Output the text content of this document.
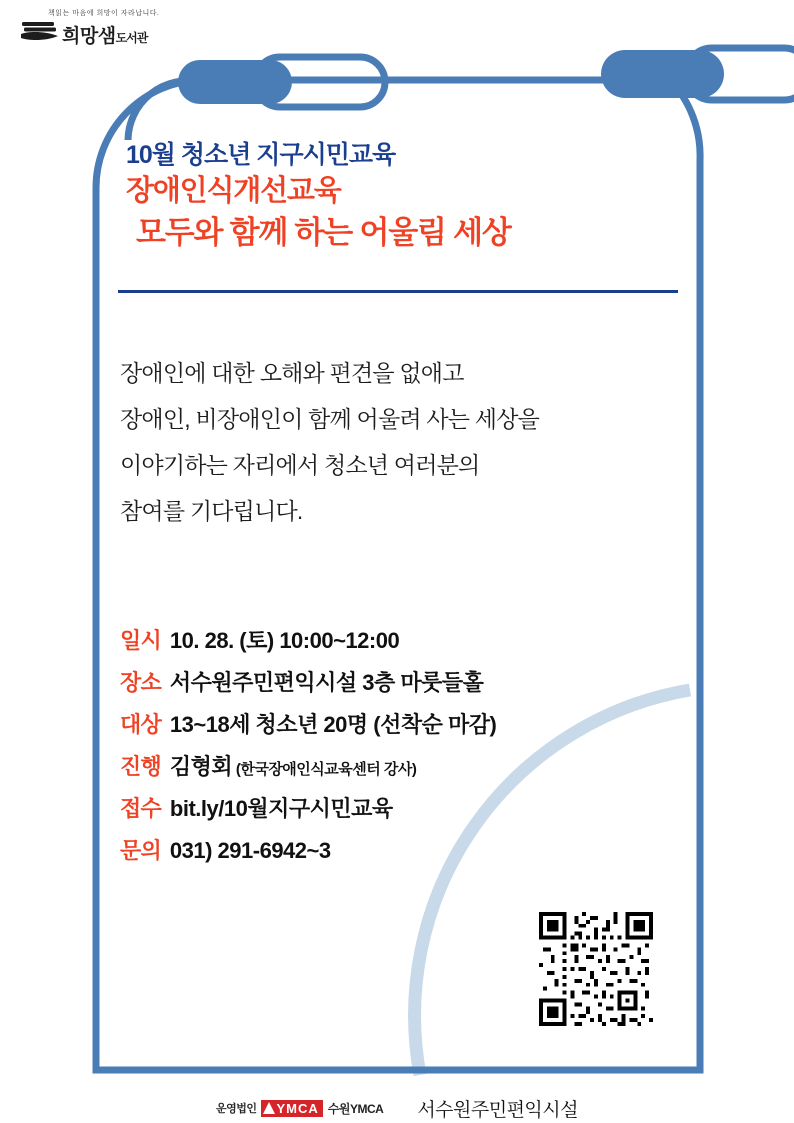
책읽는 마음에 희망이 자라납니다.
희망샘도서관
10월 청소년 지구시민교육
장애인식개선교육
모두와 함께 하는 어울림 세상
장애인에 대한 오해와 편견을 없애고
장애인, 비장애인이 함께 어울려 사는 세상을
이야기하는 자리에서 청소년 여러분의
참여를 기다립니다.
일시 10. 28. (토) 10:00~12:00
장소 서수원주민편익시설 3층 마룻들홀
대상 13~18세 청소년 20명 (선착순 마감)
진행 김형회 (한국장애인식교육센터 강사)
접수 bit.ly/10월지구시민교육
문의 031) 291-6942~3
운영법인	YMCA 수원YMCA 서수원주민편익시설
